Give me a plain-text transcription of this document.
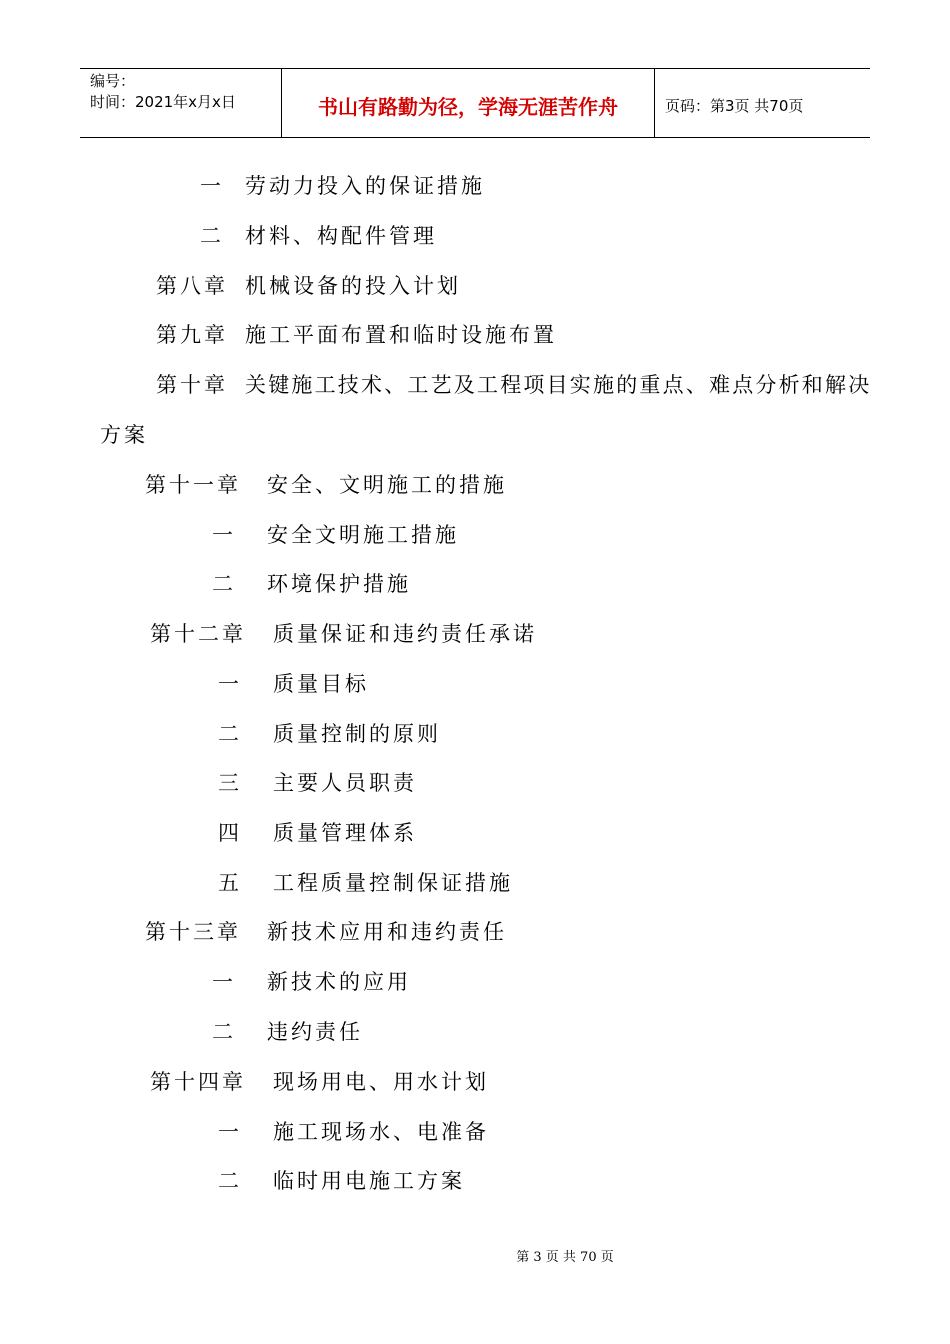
编号：
时间：2021年x月x日	书山有路勤为径，学海无涯苦作舟	页码：第3页 共70页

一

劳动力投入的保证措施

二

材料、构配件管理

第八章

机械设备的投入计划

第九章

施工平面布置和临时设施布置

第十章

关键施工技术、工艺及工程项目实施的重点、难点分析和解决

方案

第十一章

安全、文明施工的措施

一

安全文明施工措施

二

环境保护措施

第十二章

质量保证和违约责任承诺

一

质量目标

二

质量控制的原则

三

主要人员职责

四

质量管理体系

五

工程质量控制保证措施

第十三章

新技术应用和违约责任

一

新技术的应用

二

违约责任

第十四章

现场用电、用水计划

一

施工现场水、电准备

二

临时用电施工方案

第 3 页 共 70 页
